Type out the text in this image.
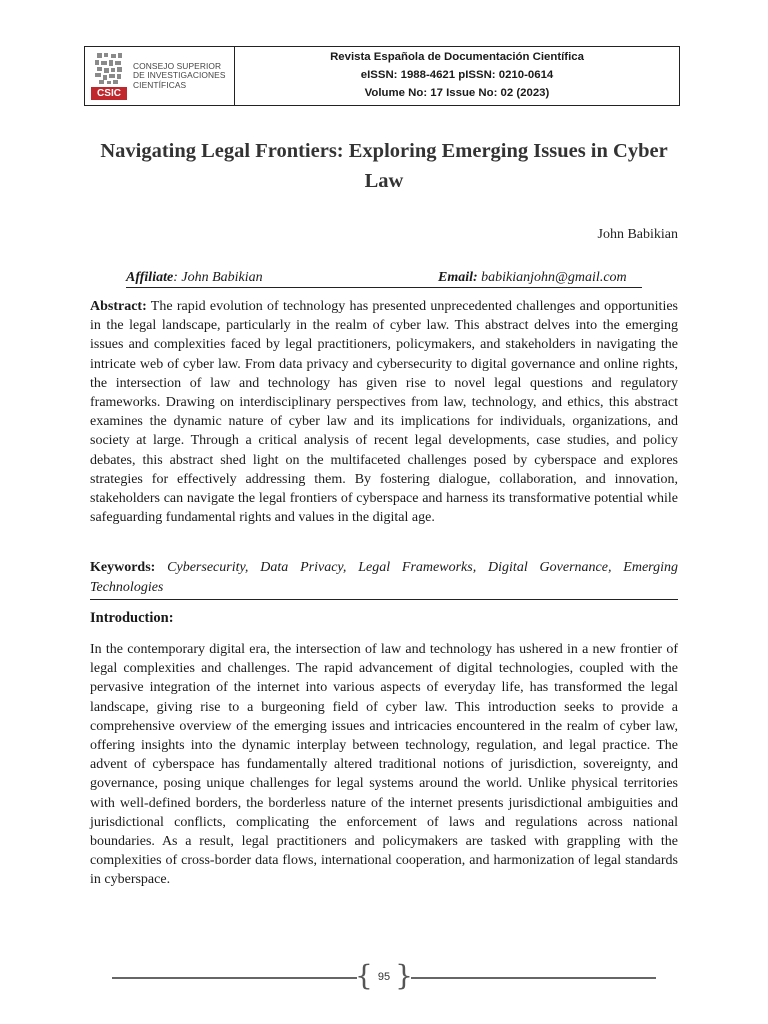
CSIC
CONSEJO SUPERIOR
DE INVESTIGACIONES
CIENTÍFICAS
Revista Española de Documentación Científica
eISSN: 1988-4621 pISSN: 0210-0614
Volume No: 17 Issue No: 02 (2023)
Navigating Legal Frontiers: Exploring Emerging Issues in Cyber Law
John Babikian
Affiliate: John Babikian	Email: babikianjohn@gmail.com
Abstract: The rapid evolution of technology has presented unprecedented challenges and opportunities in the legal landscape, particularly in the realm of cyber law. This abstract delves into the emerging issues and complexities faced by legal practitioners, policymakers, and stakeholders in navigating the intricate web of cyber law. From data privacy and cybersecurity to digital governance and online rights, the intersection of law and technology has given rise to novel legal questions and regulatory frameworks. Drawing on interdisciplinary perspectives from law, technology, and ethics, this abstract examines the dynamic nature of cyber law and its implications for individuals, organizations, and society at large. Through a critical analysis of recent legal developments, case studies, and policy debates, this abstract shed light on the multifaceted challenges posed by cyberspace and explores strategies for effectively addressing them. By fostering dialogue, collaboration, and innovation, stakeholders can navigate the legal frontiers of cyberspace and harness its transformative potential while safeguarding fundamental rights and values in the digital age.
Keywords: Cybersecurity, Data Privacy, Legal Frameworks, Digital Governance, Emerging Technologies
Introduction:
In the contemporary digital era, the intersection of law and technology has ushered in a new frontier of legal complexities and challenges. The rapid advancement of digital technologies, coupled with the pervasive integration of the internet into various aspects of everyday life, has transformed the legal landscape, giving rise to a burgeoning field of cyber law. This introduction seeks to provide a comprehensive overview of the emerging issues and intricacies encountered in the realm of cyber law, offering insights into the dynamic interplay between technology, regulation, and legal practice. The advent of cyberspace has fundamentally altered traditional notions of jurisdiction, sovereignty, and governance, posing unique challenges for legal systems around the world. Unlike physical territories with well-defined borders, the borderless nature of the internet presents jurisdictional ambiguities and jurisdictional conflicts, complicating the enforcement of laws and regulations across national boundaries. As a result, legal practitioners and policymakers are tasked with grappling with the complexities of cross-border data flows, international cooperation, and harmonization of legal standards in cyberspace.
{ 95 }
